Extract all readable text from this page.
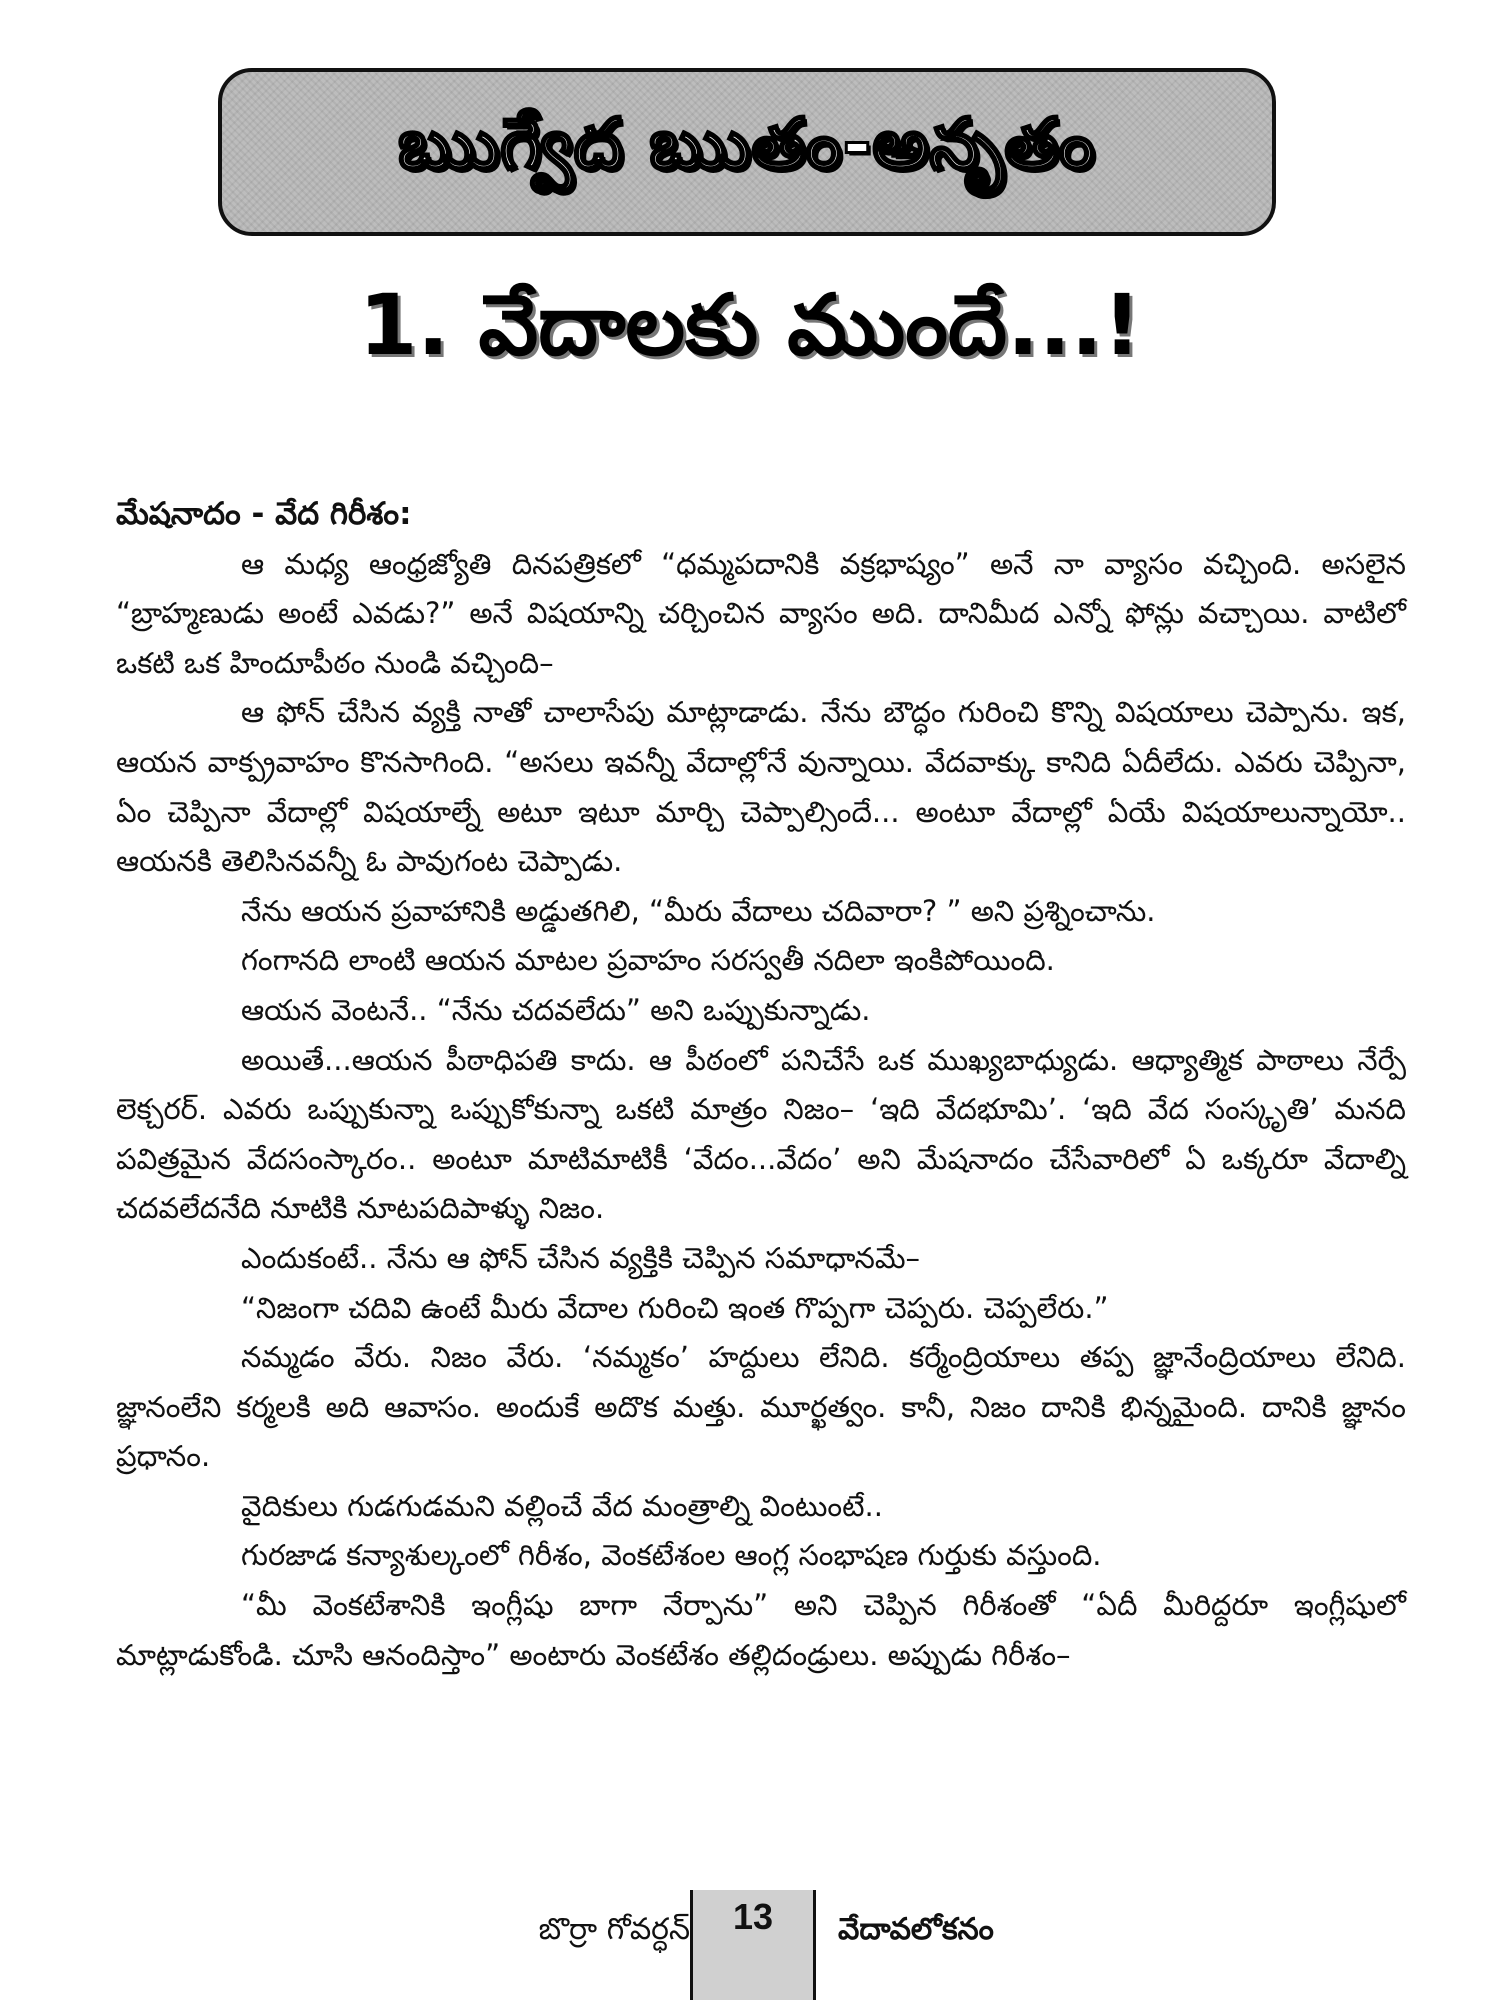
ఋగ్వేద ఋతం-అనృతం
1. వేదాలకు ముందే...!

మేషనాదం - వేద గిరీశం:

ఆ మధ్య ఆంధ్రజ్యోతి దినపత్రికలో “ధమ్మపదానికి వక్రభాష్యం” అనే నా వ్యాసం వచ్చింది. అసలైన “బ్రాహ్మణుడు అంటే ఎవడు?” అనే విషయాన్ని చర్చించిన వ్యాసం అది. దానిమీద ఎన్నో ఫోన్లు వచ్చాయి. వాటిలో ఒకటి ఒక హిందూపీఠం నుండి వచ్చింది–

ఆ ఫోన్ చేసిన వ్యక్తి నాతో చాలాసేపు మాట్లాడాడు. నేను బౌద్ధం గురించి కొన్ని విషయాలు చెప్పాను. ఇక, ఆయన వాక్ప్రవాహం కొనసాగింది. “అసలు ఇవన్నీ వేదాల్లోనే వున్నాయి. వేదవాక్కు కానిది ఏదీలేదు. ఎవరు చెప్పినా, ఏం చెప్పినా వేదాల్లో విషయాల్నే అటూ ఇటూ మార్చి చెప్పాల్సిందే... అంటూ వేదాల్లో ఏయే విషయాలున్నాయో.. ఆయనకి తెలిసినవన్నీ ఓ పావుగంట చెప్పాడు.

నేను ఆయన ప్రవాహానికి అడ్డుతగిలి, “మీరు వేదాలు చదివారా? ” అని ప్రశ్నించాను.

గంగానది లాంటి ఆయన మాటల ప్రవాహం సరస్వతీ నదిలా ఇంకిపోయింది.

ఆయన వెంటనే.. “నేను చదవలేదు” అని ఒప్పుకున్నాడు.

అయితే...ఆయన పీఠాధిపతి కాదు. ఆ పీఠంలో పనిచేసే ఒక ముఖ్యబాధ్యుడు. ఆధ్యాత్మిక పాఠాలు నేర్పే లెక్చరర్. ఎవరు ఒప్పుకున్నా ఒప్పుకోకున్నా ఒకటి మాత్రం నిజం– ‘ఇది వేదభూమి’. ‘ఇది వేద సంస్కృతి’ మనది పవిత్రమైన వేదసంస్కారం.. అంటూ మాటిమాటికీ ‘వేదం...వేదం’ అని మేషనాదం చేసేవారిలో ఏ ఒక్కరూ వేదాల్ని చదవలేదనేది నూటికి నూటపదిపాళ్ళు నిజం.

ఎందుకంటే.. నేను ఆ ఫోన్ చేసిన వ్యక్తికి చెప్పిన సమాధానమే–

“నిజంగా చదివి ఉంటే మీరు వేదాల గురించి ఇంత గొప్పగా చెప్పరు. చెప్పలేరు.”

నమ్మడం వేరు. నిజం వేరు. ‘నమ్మకం’ హద్దులు లేనిది. కర్మేంద్రియాలు తప్ప జ్ఞానేంద్రియాలు లేనిది. జ్ఞానంలేని కర్మలకి అది ఆవాసం. అందుకే అదొక మత్తు. మూర్ఖత్వం. కానీ, నిజం దానికి భిన్నమైంది. దానికి జ్ఞానం ప్రధానం.

వైదికులు గుడగుడమని వల్లించే వేద మంత్రాల్ని వింటుంటే..

గురజాడ కన్యాశుల్కంలో గిరీశం, వెంకటేశంల ఆంగ్ల సంభాషణ గుర్తుకు వస్తుంది.

“మీ వెంకటేశానికి ఇంగ్లీషు బాగా నేర్పాను” అని చెప్పిన గిరీశంతో “ఏదీ మీరిద్దరూ ఇంగ్లీషులో మాట్లాడుకోండి. చూసి ఆనందిస్తాం” అంటారు వెంకటేశం తల్లిదండ్రులు. అప్పుడు గిరీశం–

బొర్రా గోవర్ధన్	13	వేదావలోకనం
